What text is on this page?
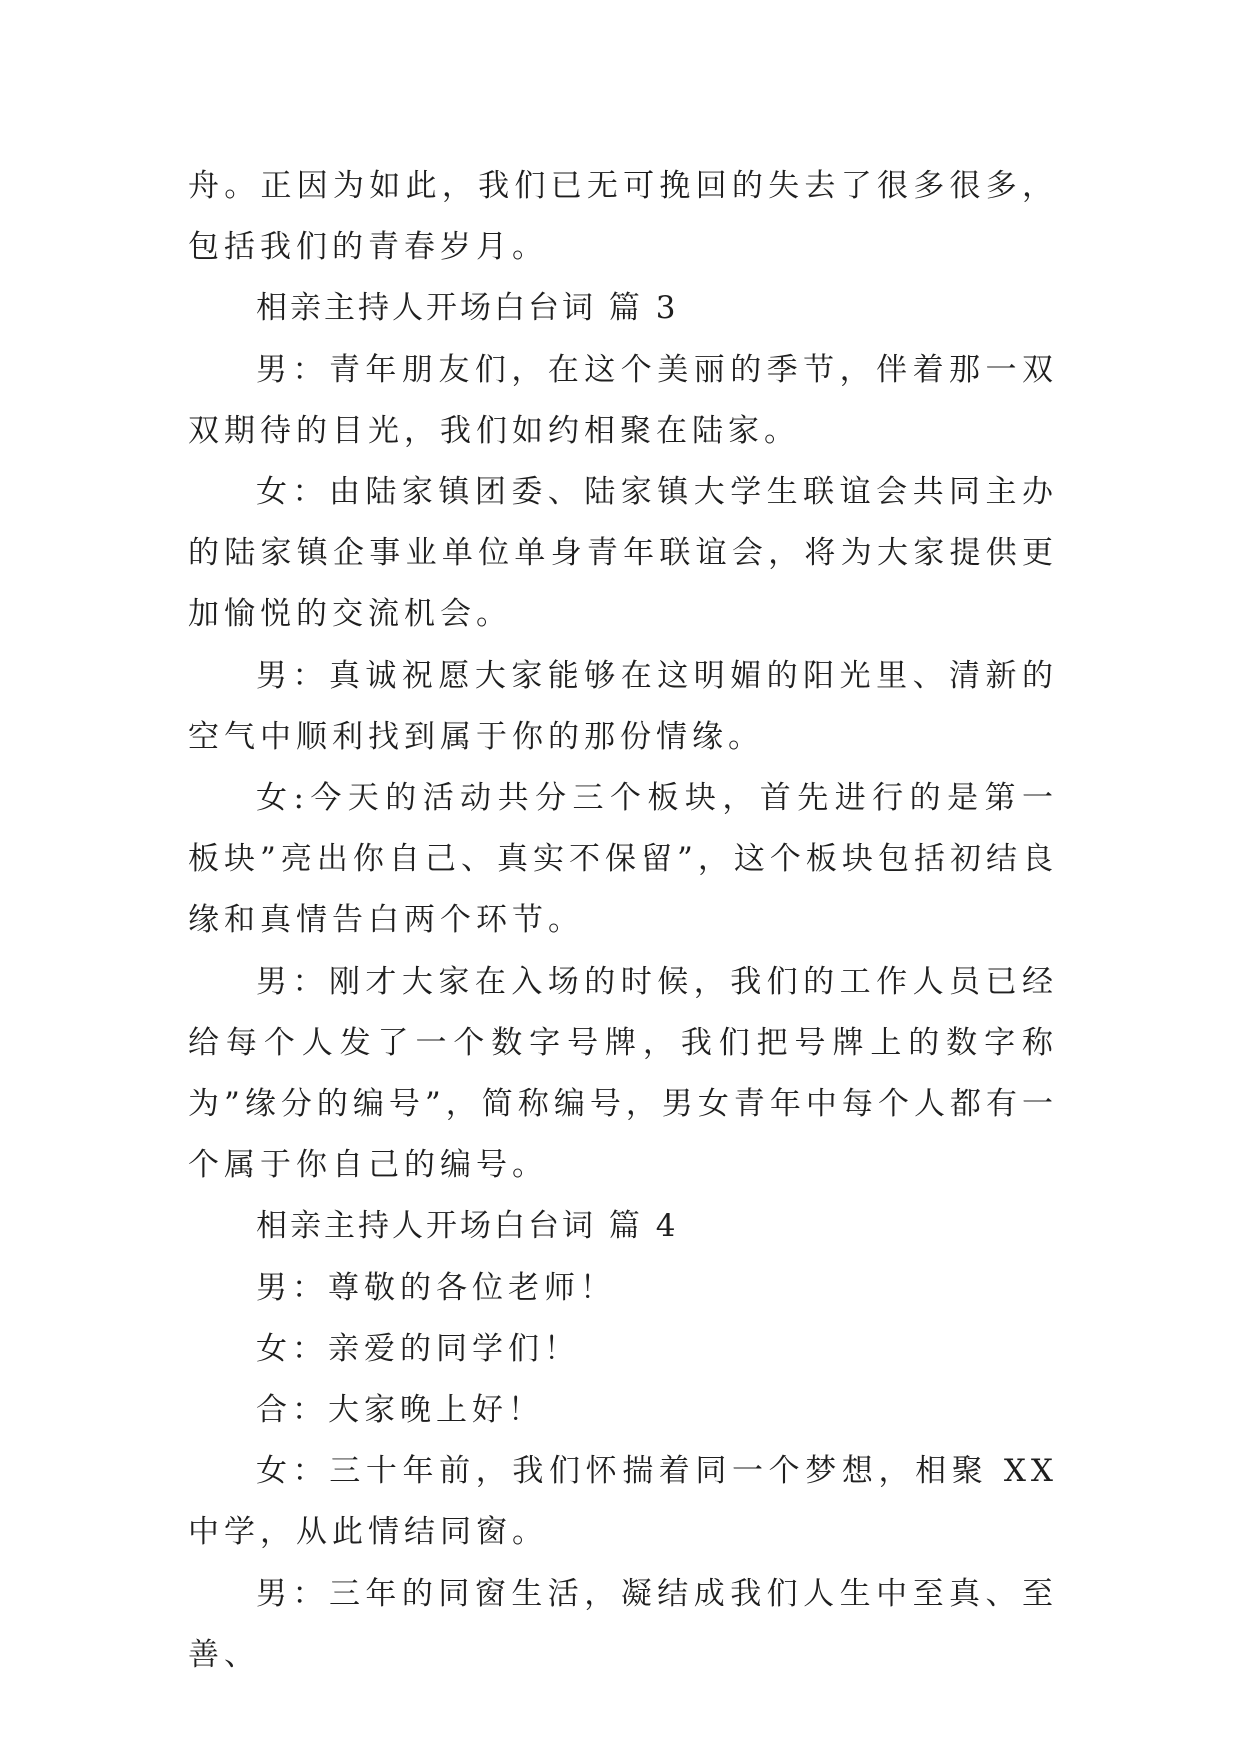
舟。正因为如此，我们已无可挽回的失去了很多很多，包括我们的青春岁月。

相亲主持人开场白台词 篇 3

男：青年朋友们，在这个美丽的季节，伴着那一双双期待的目光，我们如约相聚在陆家。

女：由陆家镇团委、陆家镇大学生联谊会共同主办的陆家镇企事业单位单身青年联谊会，将为大家提供更加愉悦的交流机会。

男：真诚祝愿大家能够在这明媚的阳光里、清新的空气中顺利找到属于你的那份情缘。

女:今天的活动共分三个板块，首先进行的是第一板块”亮出你自己、真实不保留”，这个板块包括初结良缘和真情告白两个环节。

男：刚才大家在入场的时候，我们的工作人员已经给每个人发了一个数字号牌，我们把号牌上的数字称为”缘分的编号”，简称编号，男女青年中每个人都有一个属于你自己的编号。

相亲主持人开场白台词 篇 4

男：尊敬的各位老师！

女：亲爱的同学们！

合：大家晚上好！

女：三十年前，我们怀揣着同一个梦想，相聚 XX 中学，从此情结同窗。

男：三年的同窗生活，凝结成我们人生中至真、至善、
